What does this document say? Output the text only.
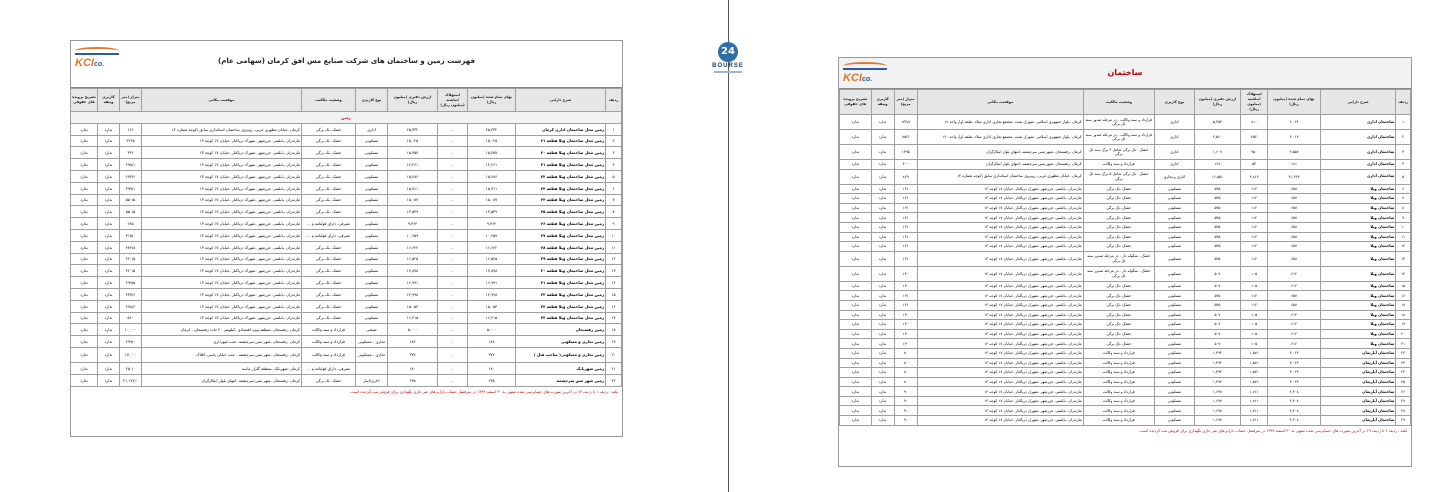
24
BOURSE
KCIco.	فهرست زمین و ساختمان های شرکت صنایع مس افق کرمان (سهامی عام)
ردیف	شرح دارایی	بهای تمام شده (میلیون ریال)	استهلاک انباشته (میلیون ریال)	ارزش دفتری (میلیون ریال)	نوع کاربری	وضعیت مالکیت	موقعیت مکانی	متراژ (متر مربع)	کاربری وثیقه	تشریح پرونده های حقوقی
زمین										
۱	زمین محل ساختمان اداری کرمان	۲۵,۳۳۲	-	۲۵,۳۳۲	اداری	خشک -تک برگی	کرمان -خیابان مطهری غربی- روبروی ساختمان استانداری سابق (کوچه شماره ۴)	۱۶۶	ندارد	ندارد
۲	زمین محل ساختمان ویلا قطعه ۳۱	۱۵,۰۲۵	-	۱۵,۰۲۵	مسکونی	خشک -تک برگی	مازندران -بابلسر- خزرشهر -شهرک دریاکنار -خیابان ۱۷ کوچه ۱۳	۳۲۶۵	ندارد	ندارد
۳	زمین محل ساختمان ویلا قطعه ۳۰	۱۵,۳۵۷	-	۱۵,۳۵۷	مسکونی	خشک -تک برگی	مازندران -بابلسر- خزرشهر -شهرک دریاکنار -خیابان ۱۷ کوچه ۱۳	۳۲۲	ندارد	ندارد
۴	زمین محل ساختمان ویلا قطعه ۲۱	۱۴,۲۶۱	-	۱۴,۲۶۱	مسکونی	خشک -تک برگی	مازندران -بابلسر- خزرشهر -شهرک دریاکنار -خیابان ۱۷ کوچه ۱۳	۲۹۸/۱	ندارد	ندارد
۵	زمین محل ساختمان ویلا قطعه ۳۲	۱۵,۴۸۶	-	۱۵,۴۸۶	مسکونی	خشک -تک برگی	مازندران -بابلسر- خزرشهر -شهرک دریاکنار -خیابان ۱۷ کوچه ۱۳	۶۷۳/۶	ندارد	ندارد
۶	زمین محل ساختمان ویلا قطعه ۳۳	۱۵,۷۱۱	-	۱۵,۷۱۱	مسکونی	خشک -تک برگی	مازندران -بابلسر- خزرشهر -شهرک دریاکنار -خیابان ۱۷ کوچه ۱۳	۳۹۹/۱	ندارد	ندارد
۷	زمین محل ساختمان ویلا قطعه ۳۴	۱۵,۰۸۷	-	۱۵,۰۸۷	مسکونی	خشک -تک برگی	مازندران -بابلسر- خزرشهر -شهرک دریاکنار -خیابان ۱۷ کوچه ۱۳	۵۵۰/۵	ندارد	ندارد
۸	زمین محل ساختمان ویلا قطعه ۳۵	۱۳,۵۳۹	-	۱۳,۵۳۹	مسکونی	خشک -تک برگی	مازندران -بابلسر- خزرشهر -شهرک دریاکنار -خیابان ۱۷ کوچه ۱۳	۵۵۰/۵	ندارد	ندارد
۹	زمین محل ساختمان ویلا قطعه ۳۶	۹,۳۶۴	-	۹,۳۶۴	مسکونی	تصرفی، دارای قولنامه و ...	مازندران -بابلسر- خزرشهر -شهرک دریاکنار -خیابان ۱۷ کوچه ۱۳	۲۶۵	ندارد	ندارد
۱۰	زمین محل ساختمان ویلا قطعه ۳۷	۱۰,۶۵۹	-	۱۰,۶۵۹	مسکونی	تصرفی، دارای قولنامه و ...	مازندران -بابلسر- خزرشهر -شهرک دریاکنار -خیابان ۱۷ کوچه ۱۳	۳۱۵/۰	ندارد	ندارد
۱۱	زمین محل ساختمان ویلا قطعه ۳۸	۱۶,۶۲۲	-	۱۶,۶۲۲	مسکونی	خشک -تک برگی	مازندران -بابلسر- خزرشهر -شهرک دریاکنار -خیابان ۱۷ کوچه ۱۳	۴۴۴/۸	ندارد	ندارد
۱۲	زمین محل ساختمان ویلا قطعه ۳۹	۱۶,۵۲۵	-	۱۶,۵۲۵	مسکونی	خشک -تک برگی	مازندران -بابلسر- خزرشهر -شهرک دریاکنار -خیابان ۱۷ کوچه ۱۳	۴۲۰/۵	ندارد	ندارد
۱۳	زمین محل ساختمان ویلا قطعه ۴۰	۱۷,۸۷۸	-	۱۷,۸۷۸	مسکونی	خشک -تک برگی	مازندران -بابلسر- خزرشهر -شهرک دریاکنار -خیابان ۱۷ کوچه ۱۳	۴۲۰/۵	ندارد	ندارد
۱۴	زمین محل ساختمان ویلا قطعه ۴۱	۱۶,۹۹۱	-	۱۶,۹۹۱	مسکونی	خشک -تک برگی	مازندران -بابلسر- خزرشهر -شهرک دریاکنار -خیابان ۱۷ کوچه ۱۳	۴۹۹/۵	ندارد	ندارد
۱۵	زمین محل ساختمان ویلا قطعه ۴۲	۱۴,۹۹۸	-	۱۴,۹۹۸	مسکونی	خشک -تک برگی	مازندران -بابلسر- خزرشهر -شهرک دریاکنار -خیابان ۱۷ کوچه ۱۳	۴۳۷/۶	ندارد	ندارد
۱۶	زمین محل ساختمان ویلا قطعه ۴۳	۱۵,۰۵۳	-	۱۵,۰۵۳	مسکونی	خشک -تک برگی	مازندران -بابلسر- خزرشهر -شهرک دریاکنار -خیابان ۱۷ کوچه ۱۳	۴۷۸/۶	ندارد	ندارد
۱۷	زمین محل ساختمان ویلا قطعه ۴۴	۱۶,۴۱۵	-	۱۶,۴۱۵	مسکونی	خشک -تک برگی	مازندران -بابلسر- خزرشهر -شهرک دریاکنار -خیابان ۱۷ کوچه ۱۳	۵۶۰	ندارد	ندارد
۱۸	زمین رفسنجان	۵,۰۰۰	-	۵,۰۰۰	صنعتی	قرارداد و سند وکالت	کرمان -رفسنجان -منطقه ویژه اقتصادی -کیلومتر ۲۰ جاده رفسنجان - کرمان	۱۰,۰۰۰	ندارد	ندارد
۱۹	زمین تجاری و مسکونی	۱۸۶	-	۱۸۶	تجاری - مسکونی	قرارداد و سند وکالت	کرمان -رفسنجان -شهر مس سرچشمه -جنب شهرداری	۴۹۹/۰	ندارد	ندارد
۲۰	زمین تجاری و مسکونی( ساخت هتل )	۳۷۷	-	۳۷۷	تجاری - مسکونی	قرارداد و سند وکالت	کرمان -رفسنجان -شهر مس سرچشمه - جنب خیابان پاسی، افلاک	۱۷,۰۰۰	ندارد	ندارد
۲۱	زمین شهربابک	۱۸۰	-	۱۸۰		تصرفی، دارای قولنامه و ...	کرمان -شهربابک -منطقه گلزار ماسه	۴۵۰/۰	ندارد	ندارد
۲۲	زمین شهر مس سرچشمه	۲۳۵	-	۲۳۵	اداری/انبار	خشک -تک برگی	کرمان -رفسنجان -شهر مس سرچشمه -انتهای بلوار ابتکارگران	۲۱,۱۷۶/۰	ندارد	ندارد
نکته : ردیف ۱ تا ردیف ۱۷ در آخرین صورت های حسابرسی شده منتهی به ۳۰ اسفند ۱۳۹۹ در سرفصل حساب دارایی‌های غیر جاری نگهداری برای فروش ثبت گردیده است.
KCIco.
ساختمان
ردیف	شرح دارایی	بهای تمام شده (میلیون ریال)	استهلاک انباشته (میلیون ریال)	ارزش دفتری (میلیون ریال)	نوع کاربری	وضعیت مالکیت	موقعیت مکانی	متراژ (متر مربع)	کاربری وثیقه	تشریح پرونده های حقوقی
۱	ساختمان اداری	۶,۰۶۴	۸۱۰	۵,۲۵۴	اداری	قرارداد و سند وکالت - در مرحله صدور سند تک برگی	کرمان -بلوار جمهوری اسلامی -شهرک بعثت -مجتمع تجاری اداری میلاد -طبقه اول واحد ۱۷	۱۳۳/۸	ندارد	ندارد
۲	ساختمان اداری	۳,۰۱۳	۴۵۲	۲,۵۶۰	اداری	قرارداد و سند وکالت - در مرحله صدور سند تک برگی	کرمان -بلوار جمهوری اسلامی -شهرک بعثت -مجتمع تجاری اداری میلاد -طبقه اول واحد ۱۲۰	۷۵/۲	ندارد	ندارد
۳	ساختمان اداری	۲,۵۵۷	۹۵۰	۱,۶۰۷	اداری	خشک - تک برگی شامل ۲ برگ سند تک برگی	کرمان -رفسنجان -شهر مس سرچشمه -انتهای بلوار ابتکارگران	۱۴۹۵	ندارد	ندارد
۴	ساختمان اداری	۱۸۱	۵۳	۱۲۸	اداری	قرارداد و سند وکالت	کرمان -رفسنجان -شهر مس سرچشمه -انتهای بلوار ابتکارگران	۴۰۰	ندارد	ندارد
۵	ساختمان اداری	۲۱,۳۶۴	۴,۸۱۳	۱۶,۵۵۱	اداری و تجاری	خشک - تک برگی شامل ۵ برگ سند تک برگی	کرمان -خیابان مطهری غربی- روبروی ساختمان استانداری سابق (کوچه شماره ۴)	۸۲۹	ندارد	ندارد
۶	ساختمان ویلا	۶۵۷	۱۱۲	۵۴۵	مسکونی	خشک -تک برگی	مازندران -بابلسر- خزرشهر -شهرک دریاکنار -خیابان ۱۷ کوچه ۱۳	۱۳۱	ندارد	ندارد
۷	ساختمان ویلا	۶۵۷	۱۱۲	۵۴۵	مسکونی	خشک -تک برگی	مازندران -بابلسر- خزرشهر -شهرک دریاکنار -خیابان ۱۷ کوچه ۱۳	۱۳۱	ندارد	ندارد
۸	ساختمان ویلا	۶۵۷	۱۱۲	۵۴۵	مسکونی	خشک -تک برگی	مازندران -بابلسر- خزرشهر -شهرک دریاکنار -خیابان ۱۷ کوچه ۱۳	۱۳۱	ندارد	ندارد
۹	ساختمان ویلا	۶۵۷	۱۱۲	۵۴۵	مسکونی	خشک -تک برگی	مازندران -بابلسر- خزرشهر -شهرک دریاکنار -خیابان ۱۷ کوچه ۱۳	۱۳۱	ندارد	ندارد
۱۰	ساختمان ویلا	۶۵۷	۱۱۲	۵۴۵	مسکونی	خشک -تک برگی	مازندران -بابلسر- خزرشهر -شهرک دریاکنار -خیابان ۱۷ کوچه ۱۳	۱۳۱	ندارد	ندارد
۱۱	ساختمان ویلا	۶۵۷	۱۱۲	۵۴۵	مسکونی	خشک -تک برگی	مازندران -بابلسر- خزرشهر -شهرک دریاکنار -خیابان ۱۷ کوچه ۱۳	۱۳۱	ندارد	ندارد
۱۲	ساختمان ویلا	۶۵۷	۱۱۲	۵۴۵	مسکونی	خشک -تک برگی	مازندران -بابلسر- خزرشهر -شهرک دریاکنار -خیابان ۱۷ کوچه ۱۳	۱۳۱	ندارد	ندارد
۱۳	ساختمان ویلا	۶۵۷	۱۱۲	۵۴۵	مسکونی	خشک - منگوله دار - در مرحله صدور سند تک برگی	مازندران -بابلسر- خزرشهر -شهرک دریاکنار -خیابان ۱۷ کوچه ۱۳	۱۳۱	ندارد	ندارد
۱۴	ساختمان ویلا	۶۱۲	۱۰۵	۵۰۷	مسکونی	خشک - منگوله دار - در مرحله صدور سند تک برگی	مازندران -بابلسر- خزرشهر -شهرک دریاکنار -خیابان ۱۷ کوچه ۱۳	۱۳۰	ندارد	ندارد
۱۵	ساختمان ویلا	۶۱۲	۱۰۵	۵۰۷	مسکونی	خشک -تک برگی	مازندران -بابلسر- خزرشهر -شهرک دریاکنار -خیابان ۱۷ کوچه ۱۳	۱۳۰	ندارد	ندارد
۱۶	ساختمان ویلا	۶۵۷	۱۱۲	۵۴۵	مسکونی	خشک -تک برگی	مازندران -بابلسر- خزرشهر -شهرک دریاکنار -خیابان ۱۷ کوچه ۱۳	۱۳۱	ندارد	ندارد
۱۷	ساختمان ویلا	۶۵۷	۱۱۲	۵۴۵	مسکونی	خشک -تک برگی	مازندران -بابلسر- خزرشهر -شهرک دریاکنار -خیابان ۱۷ کوچه ۱۳	۱۳۱	ندارد	ندارد
۱۸	ساختمان ویلا	۶۱۲	۱۰۵	۵۰۷	مسکونی	خشک -تک برگی	مازندران -بابلسر- خزرشهر -شهرک دریاکنار -خیابان ۱۷ کوچه ۱۳	۱۳۰	ندارد	ندارد
۱۹	ساختمان ویلا	۶۱۲	۱۰۵	۵۰۷	مسکونی	خشک -تک برگی	مازندران -بابلسر- خزرشهر -شهرک دریاکنار -خیابان ۱۷ کوچه ۱۳	۱۳۰	ندارد	ندارد
۲۰	ساختمان ویلا	۶۱۲	۱۰۵	۵۰۷	مسکونی	خشک -تک برگی	مازندران -بابلسر- خزرشهر -شهرک دریاکنار -خیابان ۱۷ کوچه ۱۳	۱۳۰	ندارد	ندارد
۲۱	ساختمان ویلا	۶۱۲	۱۰۵	۵۰۷	مسکونی	خشک -تک برگی	مازندران -بابلسر- خزرشهر -شهرک دریاکنار -خیابان ۱۷ کوچه ۱۳	۱۳۰	ندارد	ندارد
۲۲	ساختمان آپارتمان	۳,۰۶۳	۱,۵۷۱	۱,۴۹۲	مسکونی	قرارداد و سند وکالت	مازندران -بابلسر- خزرشهر -شهرک دریاکنار -خیابان ۱۷ کوچه ۱۳	۸۰	ندارد	ندارد
۲۳	ساختمان آپارتمان	۳,۰۶۳	۱,۵۷۱	۱,۴۹۲	مسکونی	قرارداد و سند وکالت	مازندران -بابلسر- خزرشهر -شهرک دریاکنار -خیابان ۱۷ کوچه ۱۳	۸۰	ندارد	ندارد
۲۴	ساختمان آپارتمان	۳,۰۶۳	۱,۵۷۱	۱,۴۹۲	مسکونی	قرارداد و سند وکالت	مازندران -بابلسر- خزرشهر -شهرک دریاکنار -خیابان ۱۷ کوچه ۱۳	۸۰	ندارد	ندارد
۲۵	ساختمان آپارتمان	۳,۰۶۳	۱,۵۷۱	۱,۴۹۲	مسکونی	قرارداد و سند وکالت	مازندران -بابلسر- خزرشهر -شهرک دریاکنار -خیابان ۱۷ کوچه ۱۳	۸۰	ندارد	ندارد
۲۶	ساختمان آپارتمان	۳,۴۰۸	۱,۷۱۱	۱,۶۹۷	مسکونی	قرارداد و سند وکالت	مازندران -بابلسر- خزرشهر -شهرک دریاکنار -خیابان ۱۷ کوچه ۱۳	۹۰	ندارد	ندارد
۲۷	ساختمان آپارتمان	۳,۴۰۸	۱,۷۱۱	۱,۶۹۷	مسکونی	قرارداد و سند وکالت	مازندران -بابلسر- خزرشهر -شهرک دریاکنار -خیابان ۱۷ کوچه ۱۳	۹۰	ندارد	ندارد
۲۸	ساختمان آپارتمان	۳,۴۰۸	۱,۷۱۱	۱,۶۹۷	مسکونی	قرارداد و سند وکالت	مازندران -بابلسر- خزرشهر -شهرک دریاکنار -خیابان ۱۷ کوچه ۱۳	۹۰	ندارد	ندارد
۲۹	ساختمان آپارتمان	۳,۴۰۸	۱,۷۱۱	۱,۶۹۷	مسکونی	قرارداد و سند وکالت	مازندران -بابلسر- خزرشهر -شهرک دریاکنار -خیابان ۱۷ کوچه ۱۳	۹۰	ندارد	ندارد
نکته : ردیف ۶ تا ردیف ۲۹ در آخرین صورت های حسابرسی شده منتهی به ۳۰ اسفند ۱۳۹۹ در سرفصل حساب دارایی‌های غیر جاری نگهداری برای فروش ثبت گردیده است.
